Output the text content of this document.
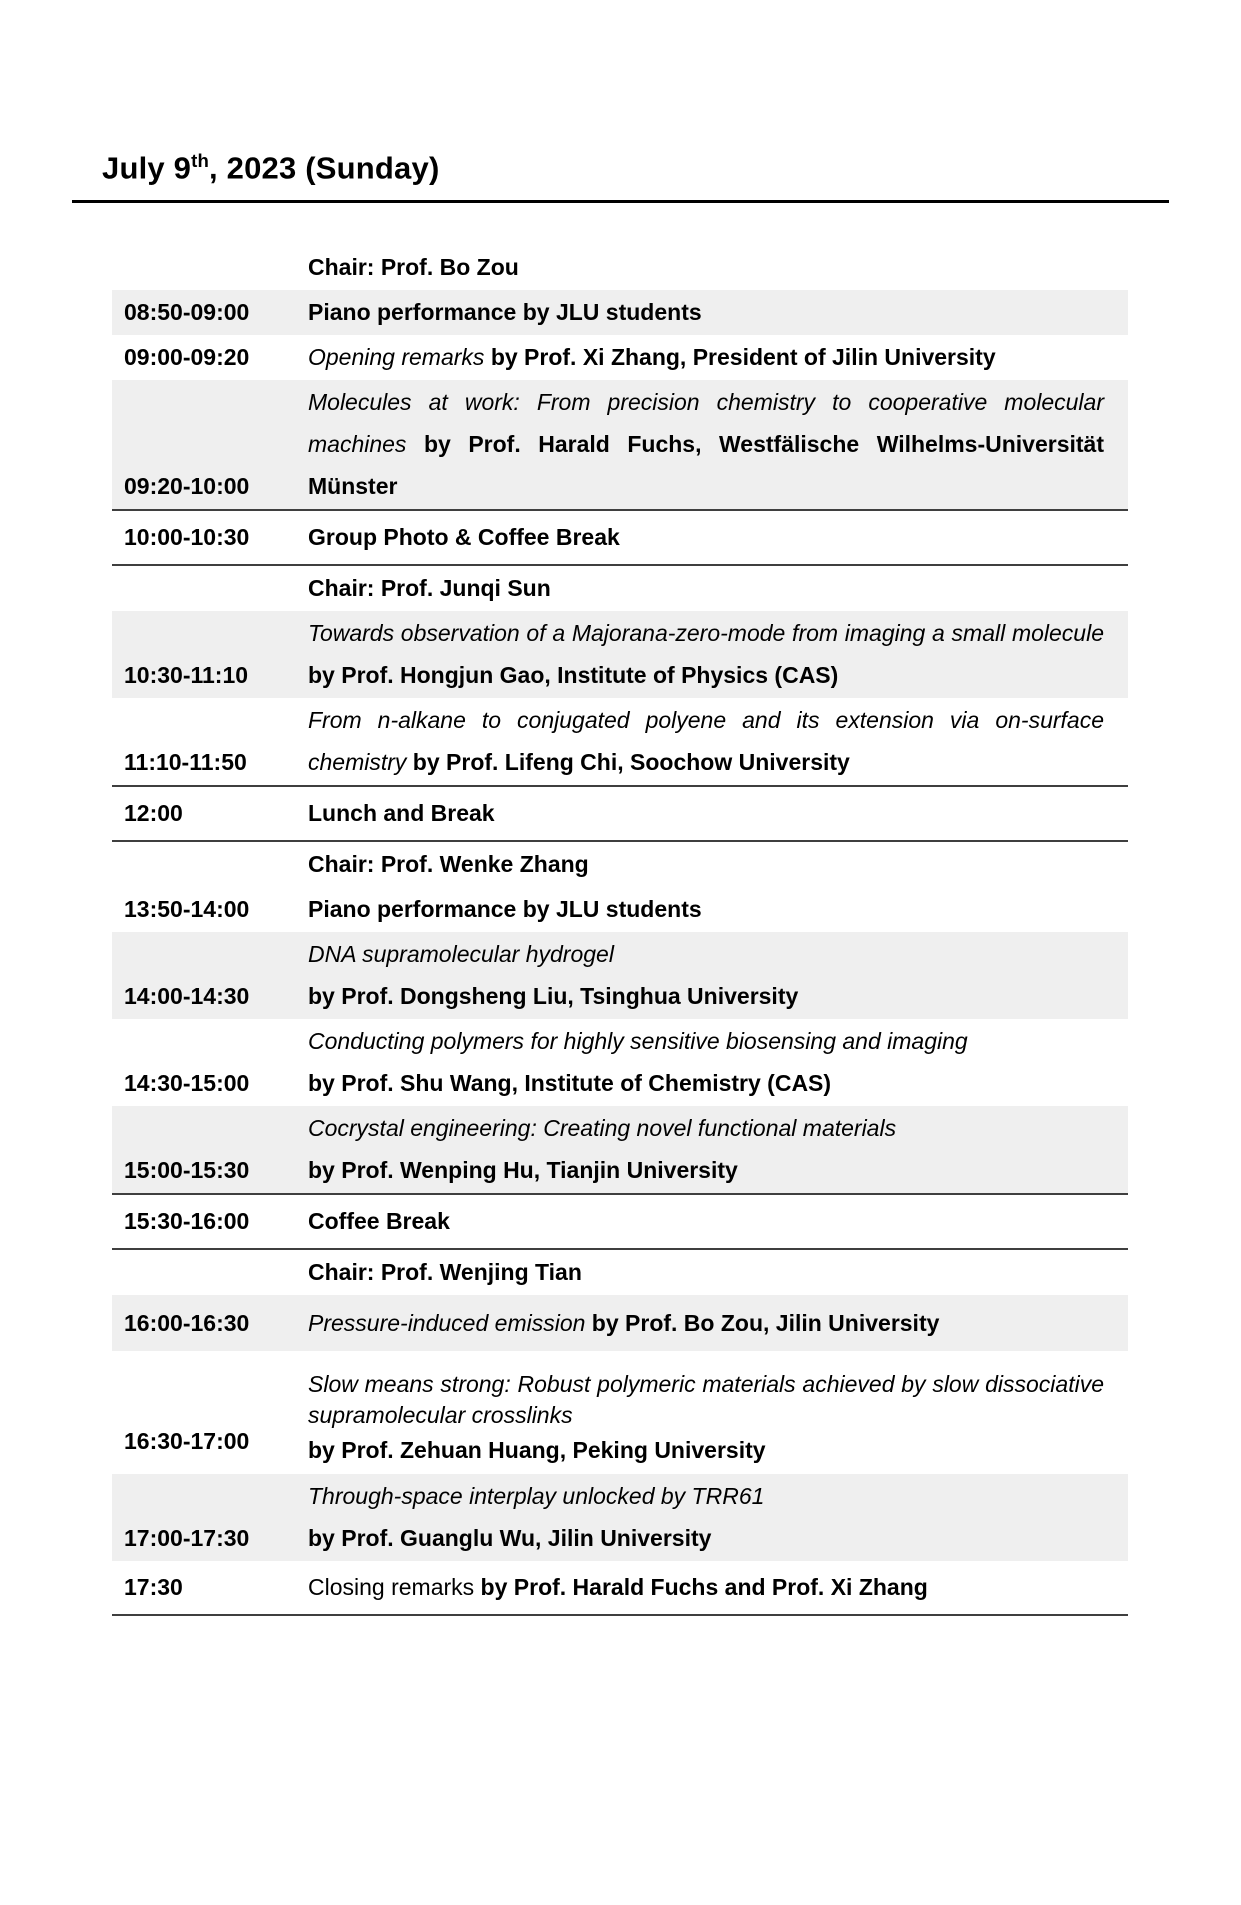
July 9th, 2023 (Sunday)

Chair: Prof. Bo Zou

08:50-09:00	Piano performance by JLU students

09:00-09:20	Opening remarks by Prof. Xi Zhang, President of Jilin University

09:20-10:00	
Molecules at work: From precision chemistry to cooperative molecular machines by Prof. Harald Fuchs, Westfälische Wilhelms-Universität Münster

10:00-10:30	Group Photo & Coffee Break

Chair: Prof. Junqi Sun

10:30-11:10	
Towards observation of a Majorana-zero-mode from imaging a small molecule by Prof. Hongjun Gao, Institute of Physics (CAS)

11:10-11:50	
From n-alkane to conjugated polyene and its extension via on-surface chemistry by Prof. Lifeng Chi, Soochow University

12:00	Lunch and Break

Chair: Prof. Wenke Zhang

13:50-14:00	Piano performance by JLU students

14:00-14:30	
DNA supramolecular hydrogel
by Prof. Dongsheng Liu, Tsinghua University

14:30-15:00	
Conducting polymers for highly sensitive biosensing and imaging
by Prof. Shu Wang, Institute of Chemistry (CAS)

15:00-15:30	
Cocrystal engineering: Creating novel functional materials
by Prof. Wenping Hu, Tianjin University

15:30-16:00	Coffee Break

Chair: Prof. Wenjing Tian

16:00-16:30	Pressure-induced emission by Prof. Bo Zou, Jilin University

16:30-17:00	
Slow means strong: Robust polymeric materials achieved by slow dissociative supramolecular crosslinks
by Prof. Zehuan Huang, Peking University

17:00-17:30	
Through-space interplay unlocked by TRR61
by Prof. Guanglu Wu, Jilin University

17:30	Closing remarks by Prof. Harald Fuchs and Prof. Xi Zhang
